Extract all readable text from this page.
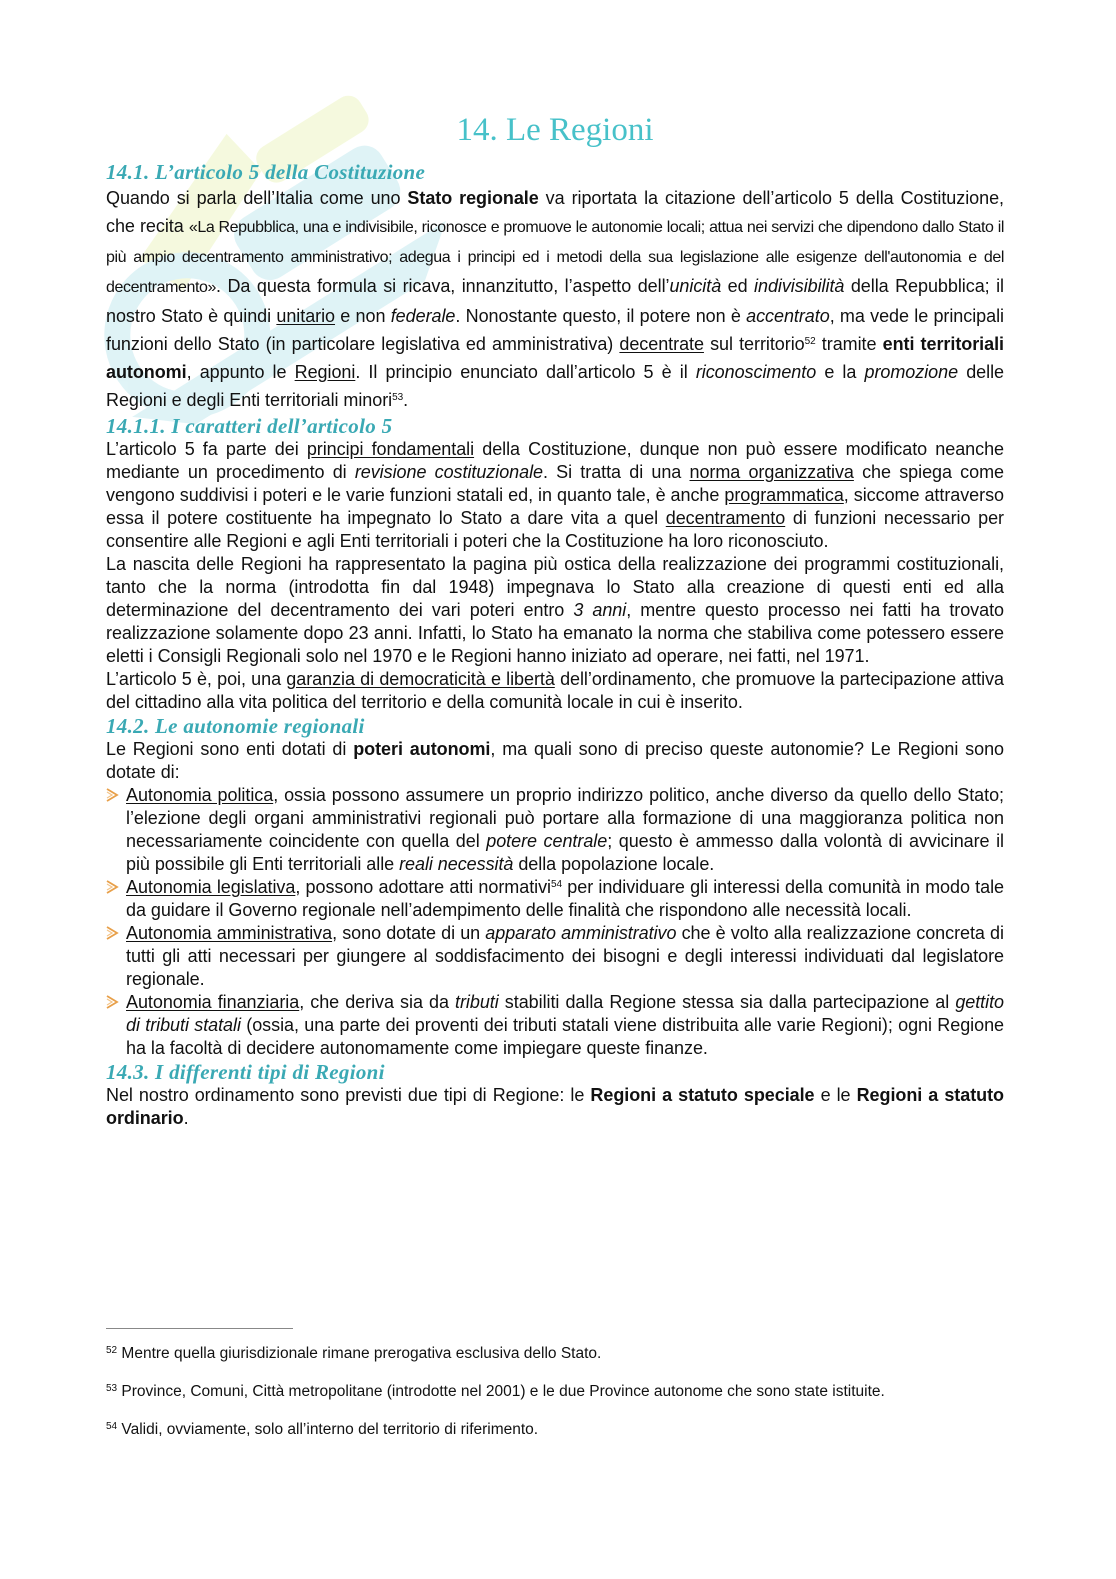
14. Le Regioni
14.1. L’articolo 5 della Costituzione

Quando si parla dell’Italia come uno Stato regionale va riportata la citazione dell’articolo 5 della Costituzione, che recita «La Repubblica, una e indivisibile, riconosce e promuove le autonomie locali; attua nei servizi che dipendono dallo Stato il più ampio decentramento amministrativo; adegua i principi ed i metodi della sua legislazione alle esigenze dell'autonomia e del decentramento». Da questa formula si ricava, innanzitutto, l’aspetto dell’unicità ed indivisibilità della Repubblica; il nostro Stato è quindi unitario e non federale. Nonostante questo, il potere non è accentrato, ma vede le principali funzioni dello Stato (in particolare legislativa ed amministrativa) decentrate sul territorio$^{52}$ tramite enti territoriali autonomi, appunto le Regioni. Il principio enunciato dall’articolo 5 è il riconoscimento e la promozione delle Regioni e degli Enti territoriali minori$^{53}$.

14.1.1. I caratteri dell’articolo 5

L’articolo 5 fa parte dei principi fondamentali della Costituzione, dunque non può essere modificato neanche mediante un procedimento di revisione costituzionale. Si tratta di una norma organizzativa che spiega come vengono suddivisi i poteri e le varie funzioni statali ed, in quanto tale, è anche programmatica, siccome attraverso essa il potere costituente ha impegnato lo Stato a dare vita a quel decentramento di funzioni necessario per consentire alle Regioni e agli Enti territoriali i poteri che la Costituzione ha loro riconosciuto.

La nascita delle Regioni ha rappresentato la pagina più ostica della realizzazione dei programmi costituzionali, tanto che la norma (introdotta fin dal 1948) impegnava lo Stato alla creazione di questi enti ed alla determinazione del decentramento dei vari poteri entro 3 anni, mentre questo processo nei fatti ha trovato realizzazione solamente dopo 23 anni. Infatti, lo Stato ha emanato la norma che stabiliva come potessero essere eletti i Consigli Regionali solo nel 1970 e le Regioni hanno iniziato ad operare, nei fatti, nel 1971.

L’articolo 5 è, poi, una garanzia di democraticità e libertà dell’ordinamento, che promuove la partecipazione attiva del cittadino alla vita politica del territorio e della comunità locale in cui è inserito.

14.2. Le autonomie regionali

Le Regioni sono enti dotati di poteri autonomi, ma quali sono di preciso queste autonomie? Le Regioni sono dotate di:

Autonomia politica, ossia possono assumere un proprio indirizzo politico, anche diverso da quello dello Stato; l’elezione degli organi amministrativi regionali può portare alla formazione di una maggioranza politica non necessariamente coincidente con quella del potere centrale; questo è ammesso dalla volontà di avvicinare il più possibile gli Enti territoriali alle reali necessità della popolazione locale.
Autonomia legislativa, possono adottare atti normativi$^{54}$ per individuare gli interessi della comunità in modo tale da guidare il Governo regionale nell’adempimento delle finalità che rispondono alle necessità locali.
Autonomia amministrativa, sono dotate di un apparato amministrativo che è volto alla realizzazione concreta di tutti gli atti necessari per giungere al soddisfacimento dei bisogni e degli interessi individuati dal legislatore regionale.
Autonomia finanziaria, che deriva sia da tributi stabiliti dalla Regione stessa sia dalla partecipazione al gettito di tributi statali (ossia, una parte dei proventi dei tributi statali viene distribuita alle varie Regioni); ogni Regione ha la facoltà di decidere autonomamente come impiegare queste finanze.
14.3. I differenti tipi di Regioni

Nel nostro ordinamento sono previsti due tipi di Regione: le Regioni a statuto speciale e le Regioni a statuto ordinario.

$^{52}$ Mentre quella giurisdizionale rimane prerogativa esclusiva dello Stato.

$^{53}$ Province, Comuni, Città metropolitane (introdotte nel 2001) e le due Province autonome che sono state istituite.

$^{54}$ Validi, ovviamente, solo all’interno del territorio di riferimento.
